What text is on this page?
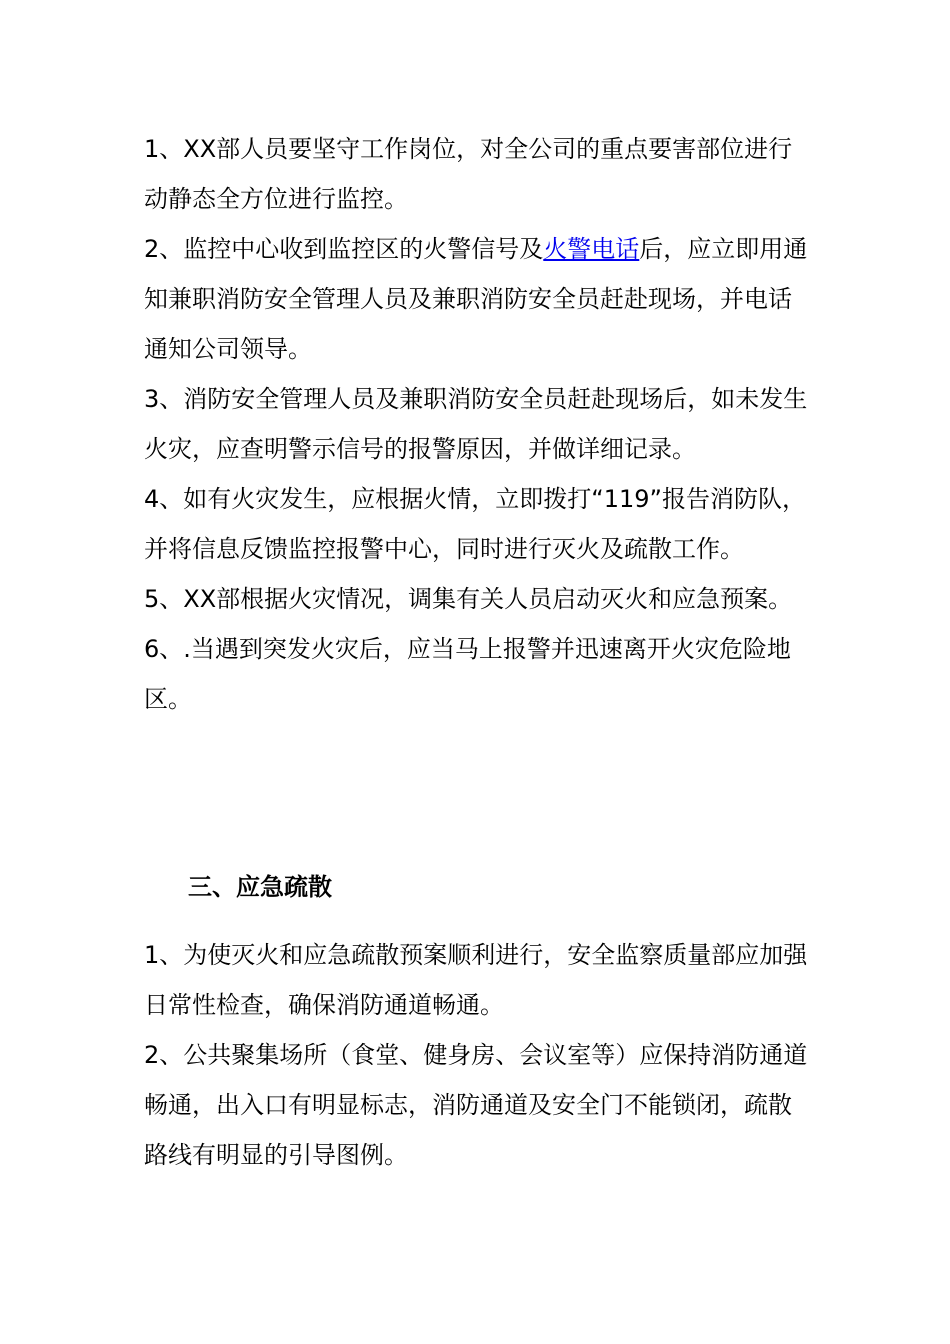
1、XX部人员要坚守工作岗位，对全公司的重点要害部位进行动静态全方位进行监控。

2、监控中心收到监控区的火警信号及火警电话后，应立即用通知兼职消防安全管理人员及兼职消防安全员赶赴现场，并电话通知公司领导。

3、消防安全管理人员及兼职消防安全员赶赴现场后，如未发生火灾，应查明警示信号的报警原因，并做详细记录。

4、如有火灾发生，应根据火情，立即拨打“119”报告消防队，并将信息反馈监控报警中心，同时进行灭火及疏散工作。

5、XX部根据火灾情况，调集有关人员启动灭火和应急预案。

6、.当遇到突发火灾后，应当马上报警并迅速离开火灾危险地区。

三、应急疏散

1、为使灭火和应急疏散预案顺利进行，安全监察质量部应加强日常性检查，确保消防通道畅通。

2、公共聚集场所（食堂、健身房、会议室等）应保持消防通道畅通，出入口有明显标志，消防通道及安全门不能锁闭，疏散路线有明显的引导图例。
